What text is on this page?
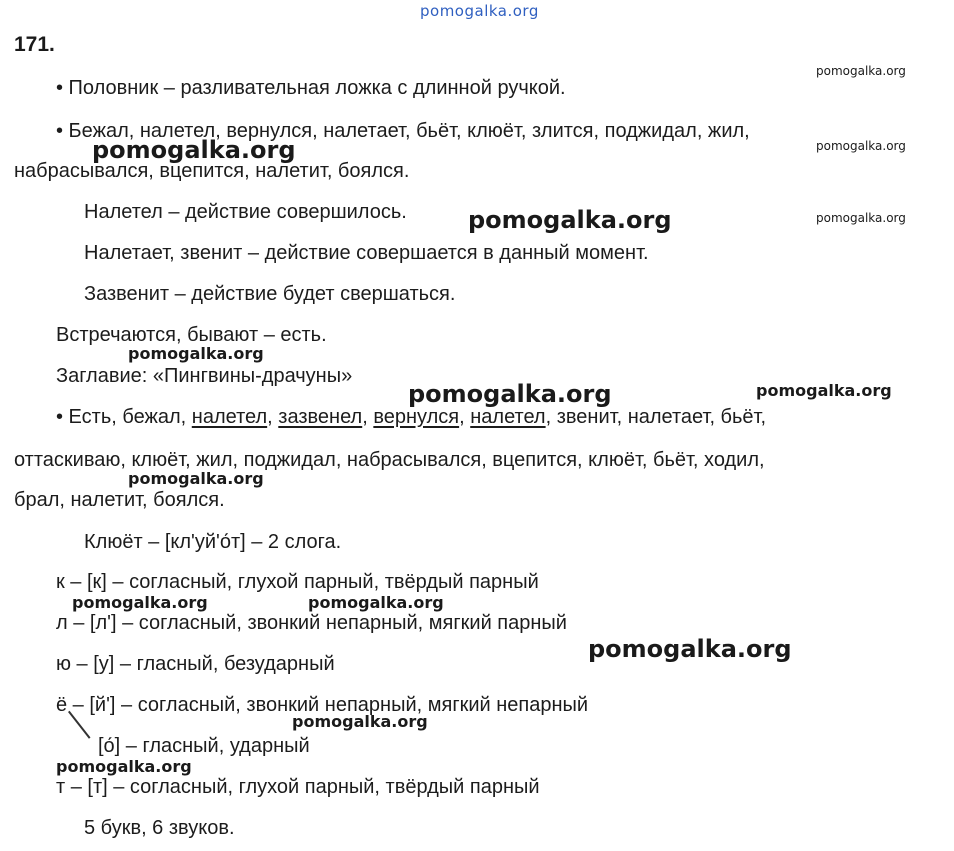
pomogalka.org
171.
• Половник – разливательная ложка с длинной ручкой.
• Бежал, налетел, вернулся, налетает, бьёт, клюёт, злится, поджидал, жил,
набрасывался, вцепится, налетит, боялся.
Налетел – действие совершилось.
Налетает, звенит – действие совершается в данный момент.
Зазвенит – действие будет свершаться.
Встречаются, бывают – есть.
Заглавие: «Пингвины-драчуны»
• Есть, бежал, налетел, зазвенел, вернулся, налетел, звенит, налетает, бьёт,
оттаскиваю, клюёт, жил, поджидал, набрасывался, вцепится, клюёт, бьёт, ходил,
брал, налетит, боялся.
Клюёт – [кл'уй'о́т] – 2 слога.
к – [к] – согласный, глухой парный, твёрдый парный
л – [л'] – согласный, звонкий непарный, мягкий парный
ю – [у] – гласный, безударный
ё – [й'] – согласный, звонкий непарный, мягкий непарный
[о́] – гласный, ударный
т – [т] – согласный, глухой парный, твёрдый парный
5 букв, 6 звуков.
pomogalka.org
pomogalka.org
pomogalka.org
pomogalka.org
pomogalka.org
pomogalka.org
pomogalka.org	pomogalka.org
pomogalka.org
pomogalka.org	pomogalka.org
pomogalka.org
pomogalka.org
pomogalka.org
